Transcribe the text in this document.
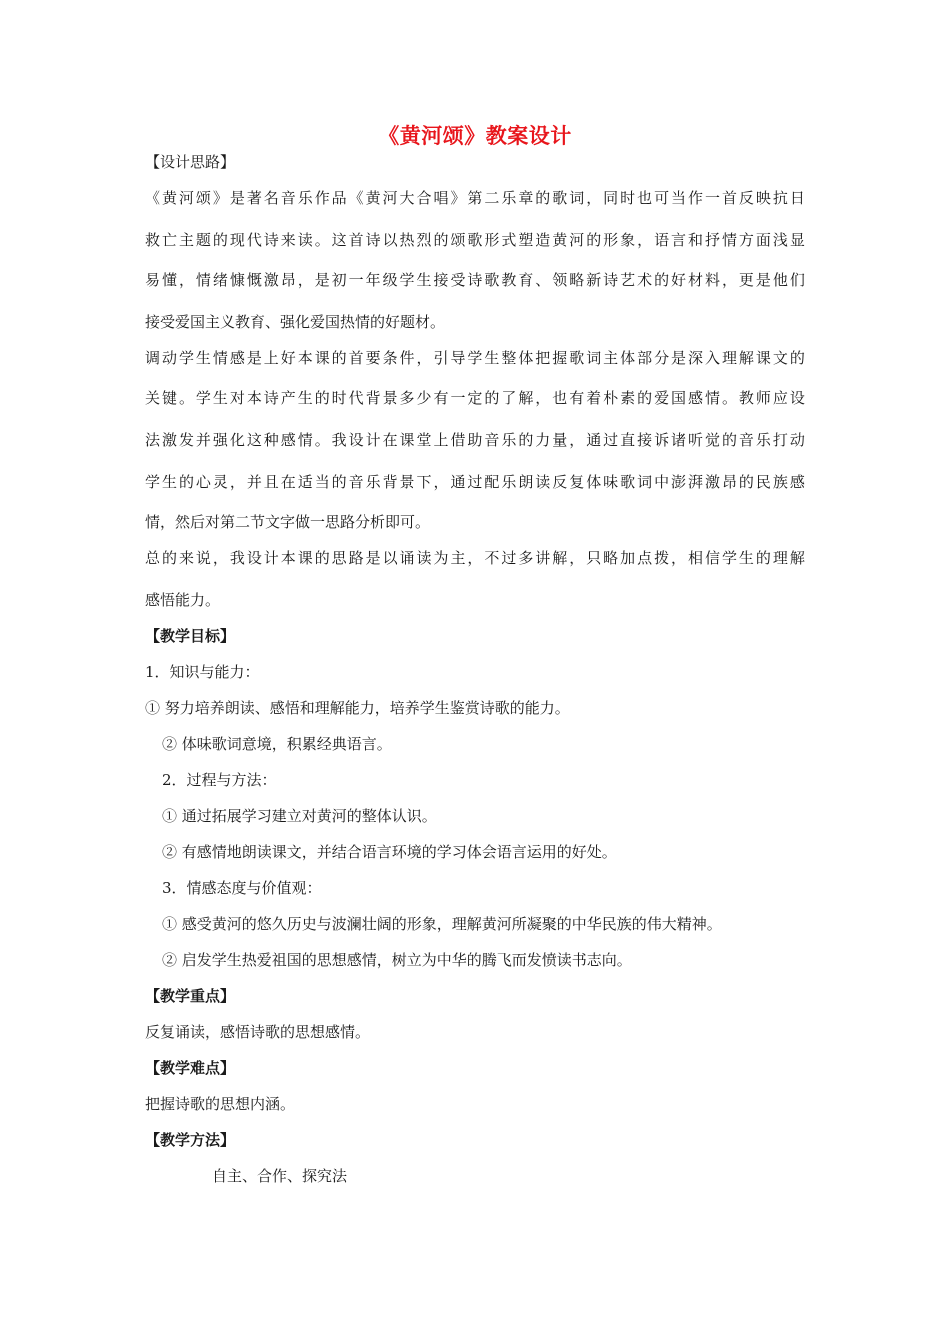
《黄河颂》教案设计
【设计思路】
《 黄 河 颂 》 是 著 名 音 乐 作 品 《 黄 河 大 合 唱 》 第 二 乐 章 的 歌 词 ， 同 时 也 可 当 作 一 首 反 映 抗 日
救 亡 主 题 的 现 代 诗 来 读 。 这 首 诗 以 热 烈 的 颂 歌 形 式 塑 造 黄 河 的 形 象 ， 语 言 和 抒 情 方 面 浅 显
易 懂 ， 情 绪 慷 慨 激 昂 ， 是 初 一 年 级 学 生 接 受 诗 歌 教 育 、 领 略 新 诗 艺 术 的 好 材 料 ， 更 是 他 们
接受爱国主义教育、强化爱国热情的好题材。
调 动 学 生 情 感 是 上 好 本 课 的 首 要 条 件 ， 引 导 学 生 整 体 把 握 歌 词 主 体 部 分 是 深 入 理 解 课 文 的
关 键 。 学 生 对 本 诗 产 生 的 时 代 背 景 多 少 有 一 定 的 了 解 ， 也 有 着 朴 素 的 爱 国 感 情 。 教 师 应 设
法 激 发 并 强 化 这 种 感 情 。 我 设 计 在 课 堂 上 借 助 音 乐 的 力 量 ， 通 过 直 接 诉 诸 听 觉 的 音 乐 打 动
学 生 的 心 灵 ， 并 且 在 适 当 的 音 乐 背 景 下 ， 通 过 配 乐 朗 读 反 复 体 味 歌 词 中 澎 湃 激 昂 的 民 族 感
情，然后对第二节文字做一思路分析即可。
总 的 来 说 ， 我 设 计 本 课 的 思 路 是 以 诵 读 为 主 ， 不 过 多 讲 解 ， 只 略 加 点 拨 ， 相 信 学 生 的 理 解
感悟能力。
【教学目标】
1．知识与能力：
① 努力培养朗读、感悟和理解能力，培养学生鉴赏诗歌的能力。
② 体味歌词意境，积累经典语言。
2．过程与方法：
① 通过拓展学习建立对黄河的整体认识。
② 有感情地朗读课文，并结合语言环境的学习体会语言运用的好处。
3．情感态度与价值观：
① 感受黄河的悠久历史与波澜壮阔的形象，理解黄河所凝聚的中华民族的伟大精神。
② 启发学生热爱祖国的思想感情，树立为中华的腾飞而发愤读书志向。
【教学重点】
反复诵读，感悟诗歌的思想感情。
【教学难点】
把握诗歌的思想内涵。
【教学方法】
自主、合作、探究法
